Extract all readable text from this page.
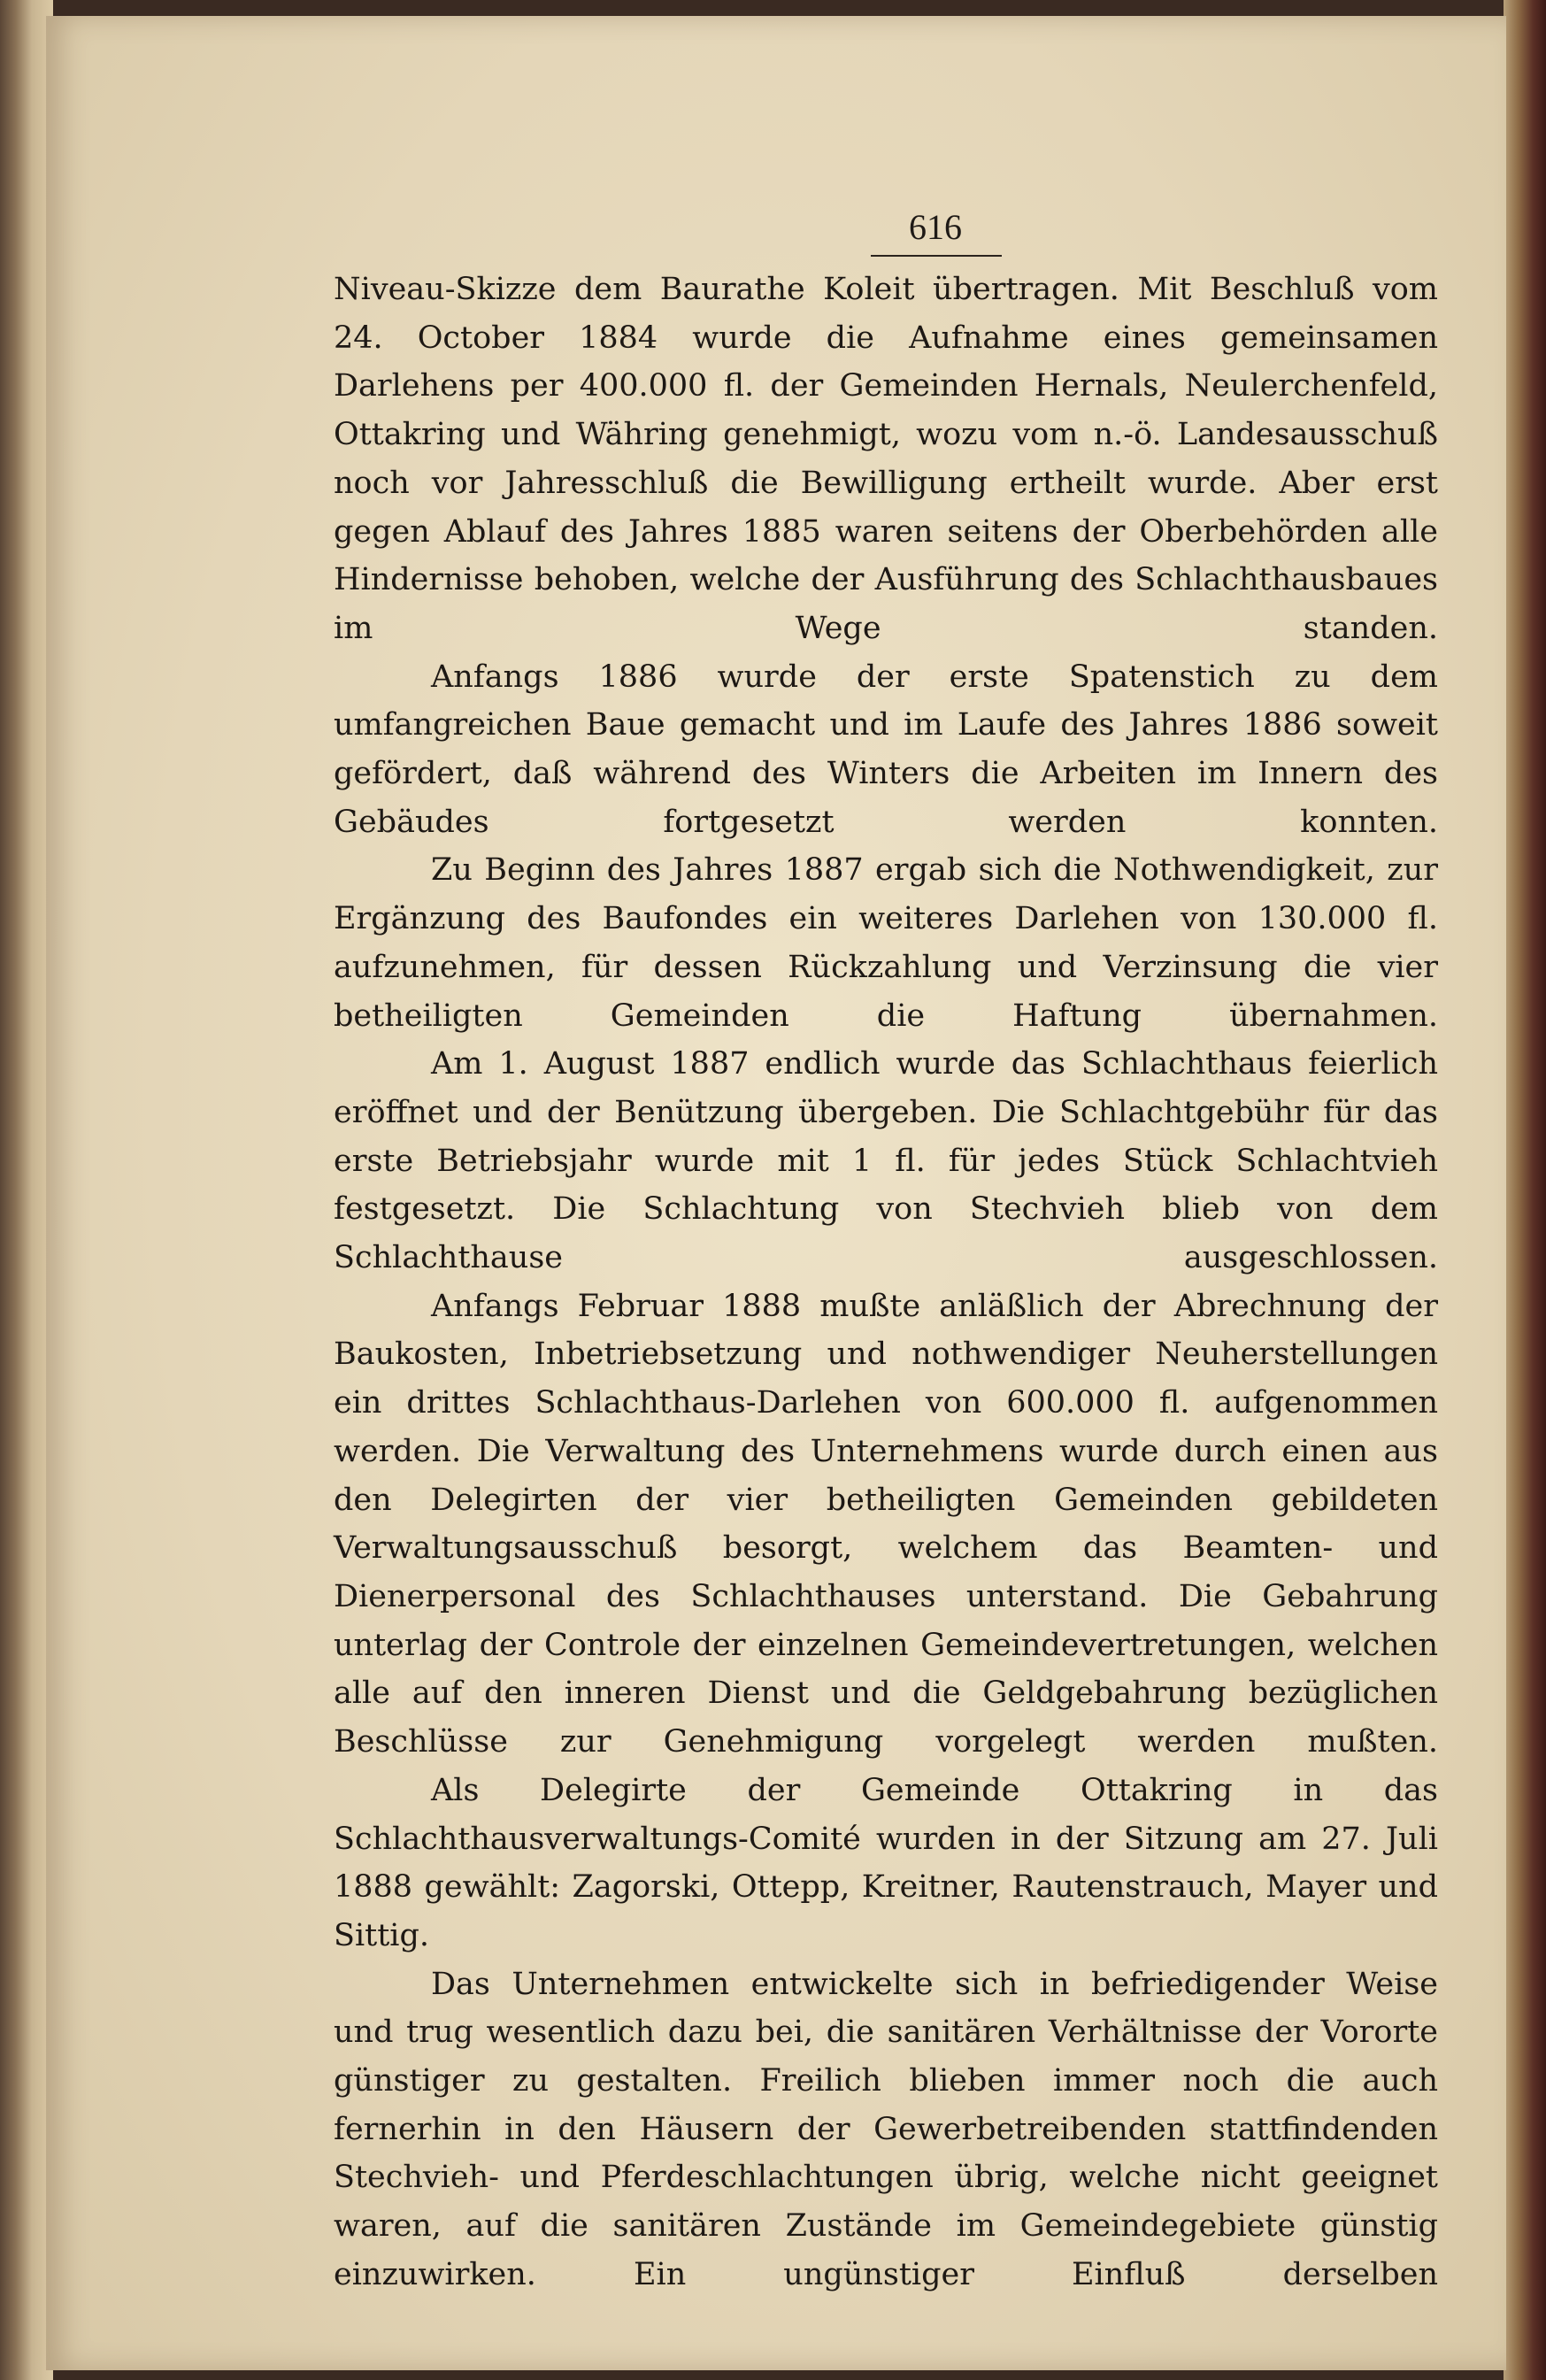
616

Niveau-Skizze dem Baurathe Koleit übertragen. Mit Beschluß vom 24. October 1884 wurde die Aufnahme eines gemeinsamen Darlehens per 400.000 fl. der Gemeinden Hernals, Neulerchenfeld, Ottakring und Währing genehmigt, wozu vom n.-ö. Landesausschuß noch vor Jahresschluß die Bewilligung ertheilt wurde. Aber erst gegen Ablauf des Jahres 1885 waren seitens der Oberbehörden alle Hindernisse behoben, welche der Ausführung des Schlachthausbaues im Wege standen.

Anfangs 1886 wurde der erste Spatenstich zu dem umfangreichen Baue gemacht und im Laufe des Jahres 1886 soweit gefördert, daß während des Winters die Arbeiten im Innern des Gebäudes fortgesetzt werden konnten.

Zu Beginn des Jahres 1887 ergab sich die Nothwendigkeit, zur Ergänzung des Baufondes ein weiteres Darlehen von 130.000 fl. aufzunehmen, für dessen Rückzahlung und Verzinsung die vier betheiligten Gemeinden die Haftung übernahmen.

Am 1. August 1887 endlich wurde das Schlachthaus feierlich eröffnet und der Benützung übergeben. Die Schlachtgebühr für das erste Betriebsjahr wurde mit 1 fl. für jedes Stück Schlachtvieh festgesetzt. Die Schlachtung von Stechvieh blieb von dem Schlachthause ausgeschlossen.

Anfangs Februar 1888 mußte anläßlich der Abrechnung der Baukosten, Inbetriebsetzung und nothwendiger Neuherstellungen ein drittes Schlachthaus-Darlehen von 600.000 fl. aufgenommen werden. Die Verwaltung des Unternehmens wurde durch einen aus den Delegirten der vier betheiligten Gemeinden gebildeten Verwaltungsausschuß besorgt, welchem das Beamten- und Dienerpersonal des Schlachthauses unterstand. Die Gebahrung unterlag der Controle der einzelnen Gemeindevertretungen, welchen alle auf den inneren Dienst und die Geldgebahrung bezüglichen Beschlüsse zur Genehmigung vorgelegt werden mußten.

Als Delegirte der Gemeinde Ottakring in das Schlachthausverwaltungs-Comité wurden in der Sitzung am 27. Juli 1888 gewählt: Zagorski, Ottepp, Kreitner, Rautenstrauch, Mayer und Sittig.

Das Unternehmen entwickelte sich in befriedigender Weise und trug wesentlich dazu bei, die sanitären Verhältnisse der Vororte günstiger zu gestalten. Freilich blieben immer noch die auch fernerhin in den Häusern der Gewerbetreibenden stattfindenden Stechvieh- und Pferdeschlachtungen übrig, welche nicht geeignet waren, auf die sanitären Zustände im Gemeindegebiete günstig einzuwirken. Ein ungünstiger Einfluß derselben
